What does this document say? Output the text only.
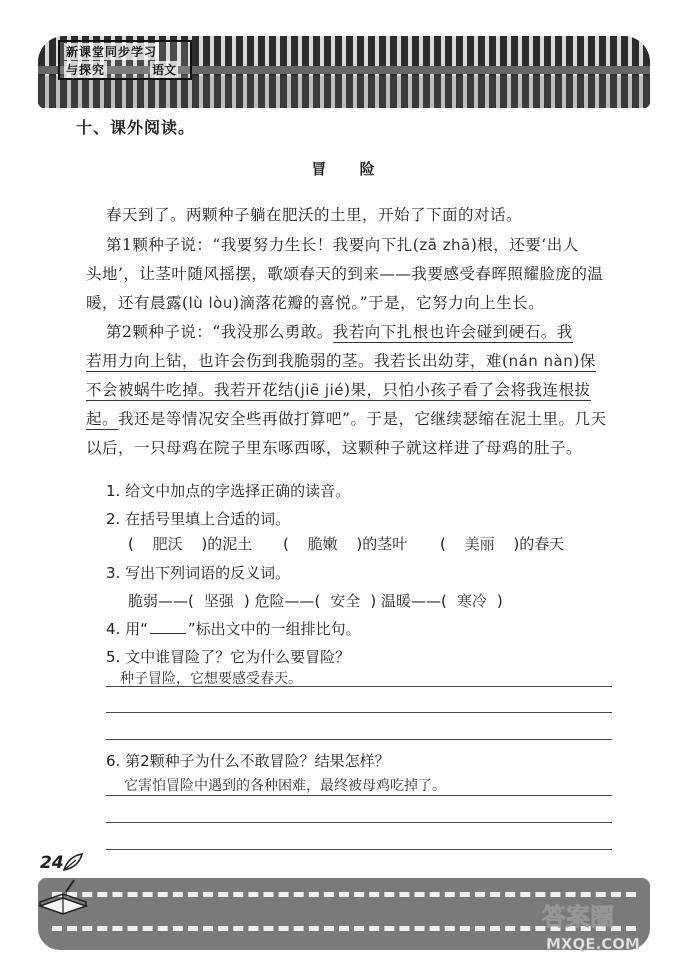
新课堂同步学习
与探究	语文
十、课外阅读。
冒 险
春天到了。两颗种子躺在肥沃的土里，开始了下面的对话。
第1颗种子说：“我要努力生长！我要向下扎(zā zhā)根，还要‘出人
头地’，让茎叶随风摇摆，歌颂春天的到来——我要感受春晖照耀脸庞的温
暖，还有晨露(lù lòu)滴落花瓣的喜悦。”于是，它努力向上生长。
第2颗种子说：“我没那么勇敢。我若向下扎根也许会碰到硬石。我
若用力向上钻，也许会伤到我脆弱的茎。我若长出幼芽，难(nán nàn)保
不会被蜗牛吃掉。我若开花结(jiē jié)果，只怕小孩子看了会将我连根拔
起。我还是等情况安全些再做打算吧”。于是，它继续瑟缩在泥土里。几天
以后，一只母鸡在院子里东啄西啄，这颗种子就这样进了母鸡的肚子。
1. 给文中加点的字选择正确的读音。
2. 在括号里填上合适的词。
( 肥沃 )的泥土 ( 脆嫩 )的茎叶 ( 美丽 )的春天
3. 写出下列词语的反义词。
脆弱——( 坚强 ) 危险——( 安全 ) 温暖——( 寒冷 )
4. 用“	”标出文中的一组排比句。
5. 文中谁冒险了？它为什么要冒险？
种子冒险，它想要感受春天。
6. 第2颗种子为什么不敢冒险？结果怎样？
它害怕冒险中遇到的各种困难，最终被母鸡吃掉了。
24
答案圈
MXQE.COM
